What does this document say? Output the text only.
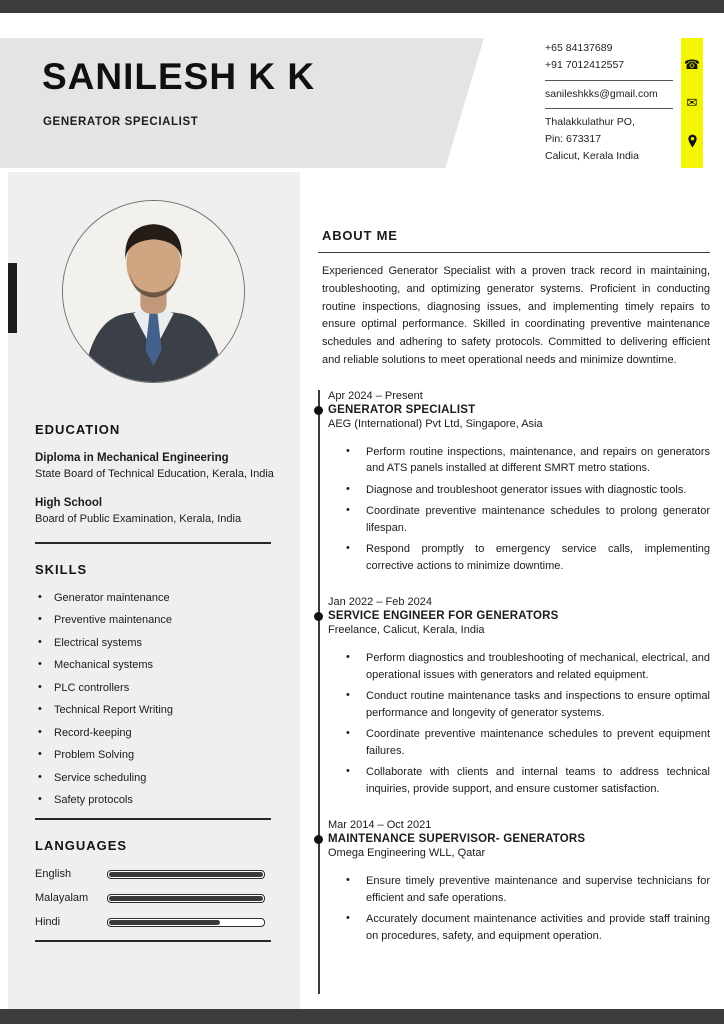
SANILESH K K
GENERATOR SPECIALIST
+65 84137689
+91 7012412557
sanileshkks@gmail.com
Thalakkulathur PO,
Pin: 673317
Calicut, Kerala India
☎
✉
EDUCATION
Diploma in Mechanical Engineering
State Board of Technical Education, Kerala, India
High School
Board of Public Examination, Kerala, India
SKILLS
• Generator maintenance
• Preventive maintenance
• Electrical systems
• Mechanical systems
• PLC controllers
• Technical Report Writing
• Record-keeping
• Problem Solving
• Service scheduling
• Safety protocols
LANGUAGES
English
Malayalam
Hindi
ABOUT ME

Experienced Generator Specialist with a proven track record in maintaining, troubleshooting, and optimizing generator systems. Proficient in conducting routine inspections, diagnosing issues, and implementing timely repairs to ensure optimal performance. Skilled in coordinating preventive maintenance schedules and adhering to safety protocols. Committed to delivering efficient and reliable solutions to meet operational needs and minimize downtime.

Apr 2024 – Present
GENERATOR SPECIALIST
AEG (International) Pvt Ltd, Singapore, Asia
• Perform routine inspections, maintenance, and repairs on generators and ATS panels installed at different SMRT metro stations.
• Diagnose and troubleshoot generator issues with diagnostic tools.
• Coordinate preventive maintenance schedules to prolong generator lifespan.
• Respond promptly to emergency service calls, implementing corrective actions to minimize downtime.
Jan 2022 – Feb 2024
SERVICE ENGINEER FOR GENERATORS
Freelance, Calicut, Kerala, India
• Perform diagnostics and troubleshooting of mechanical, electrical, and operational issues with generators and related equipment.
• Conduct routine maintenance tasks and inspections to ensure optimal performance and longevity of generator systems.
• Coordinate preventive maintenance schedules to prevent equipment failures.
• Collaborate with clients and internal teams to address technical inquiries, provide support, and ensure customer satisfaction.
Mar 2014 – Oct 2021
MAINTENANCE SUPERVISOR- GENERATORS
Omega Engineering WLL, Qatar
• Ensure timely preventive maintenance and supervise technicians for efficient and safe operations.
• Accurately document maintenance activities and provide staff training on procedures, safety, and equipment operation.
